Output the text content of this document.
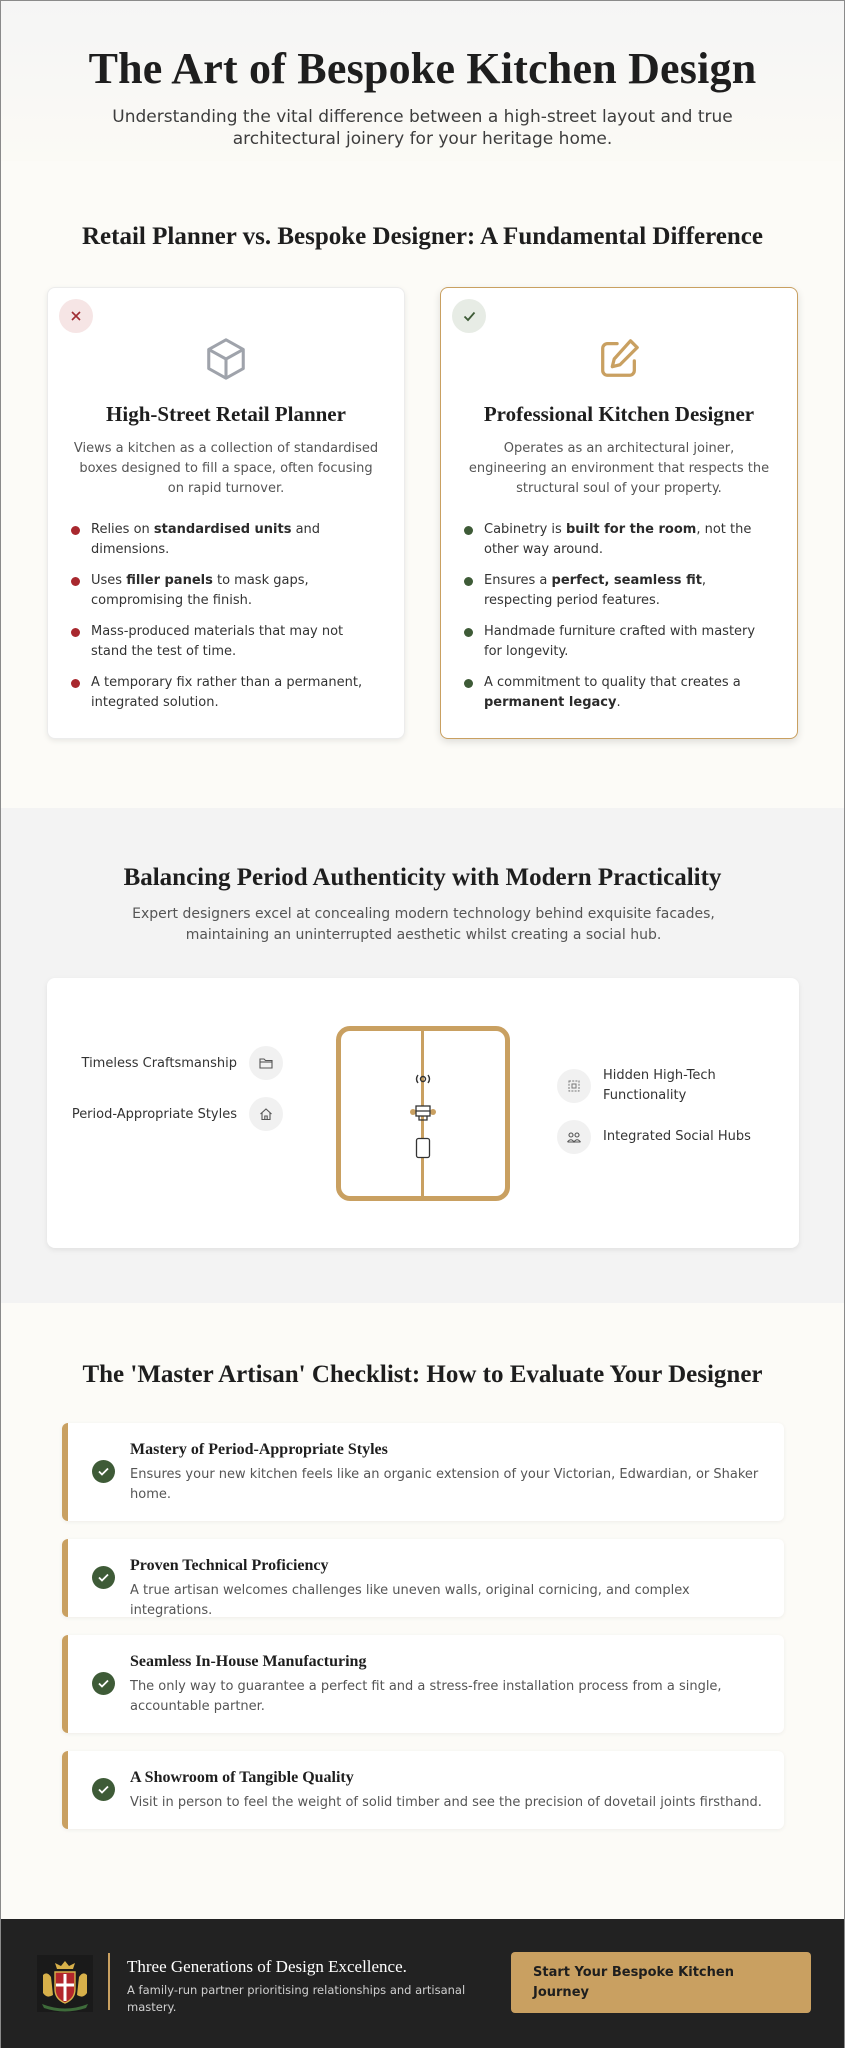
The Art of Bespoke Kitchen Design

Understanding the vital difference between a high-street layout and true architectural joinery for your heritage home.

Retail Planner vs. Bespoke Designer: A Fundamental Difference
High-Street Retail Planner

Views a kitchen as a collection of standardised boxes designed to fill a space, often focusing on rapid turnover.

Relies on standardised units and dimensions.
Uses filler panels to mask gaps, compromising the finish.
Mass-produced materials that may not stand the test of time.
A temporary fix rather than a permanent, integrated solution.
Professional Kitchen Designer

Operates as an architectural joiner, engineering an environment that respects the structural soul of your property.

Cabinetry is built for the room, not the other way around.
Ensures a perfect, seamless fit, respecting period features.
Handmade furniture crafted with mastery for longevity.
A commitment to quality that creates a permanent legacy.
Balancing Period Authenticity with Modern Practicality

Expert designers excel at concealing modern technology behind exquisite facades, maintaining an uninterrupted aesthetic whilst creating a social hub.

Timeless Craftsmanship
Period-Appropriate Styles
Hidden High-Tech Functionality
Integrated Social Hubs
The 'Master Artisan' Checklist: How to Evaluate Your Designer
Mastery of Period-Appropriate Styles
Ensures your new kitchen feels like an organic extension of your Victorian, Edwardian, or Shaker home.
Proven Technical Proficiency
A true artisan welcomes challenges like uneven walls, original cornicing, and complex integrations.
Seamless In-House Manufacturing
The only way to guarantee a perfect fit and a stress-free installation process from a single, accountable partner.
A Showroom of Tangible Quality
Visit in person to feel the weight of solid timber and see the precision of dovetail joints firsthand.
Three Generations of Design Excellence.
A family-run partner prioritising relationships and artisanal mastery.
Start Your Bespoke Kitchen Journey
